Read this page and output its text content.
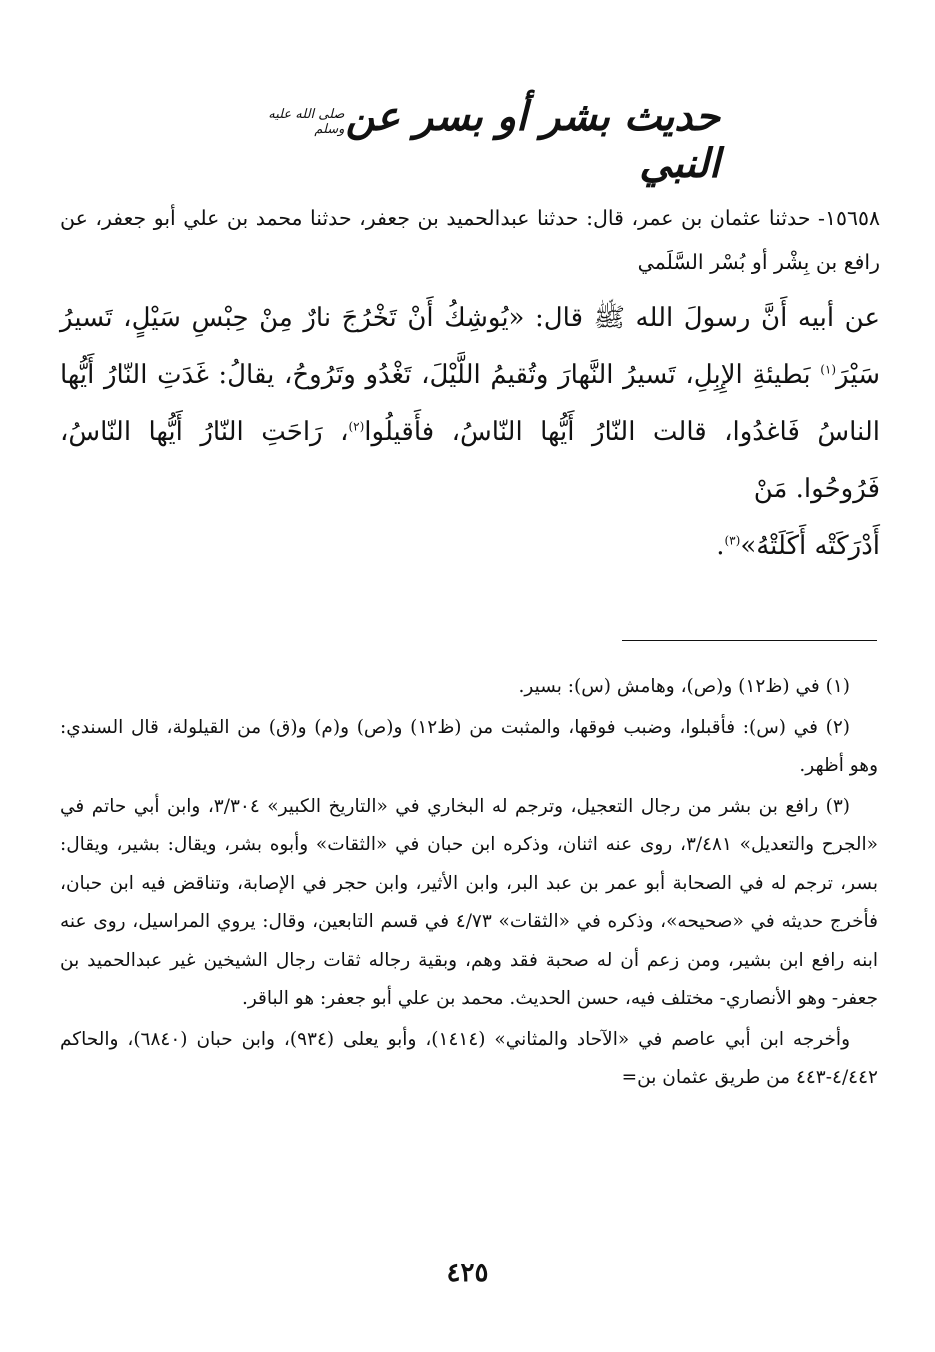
حديث بشر أو بسر عن النبي
صلى الله عليه وسلم
١٥٦٥٨- حدثنا عثمان بن عمر، قال: حدثنا عبدالحميد بن جعفر، حدثنا محمد بن علي أبو جعفر، عن رافع بن بِشْر أو بُسْر السَّلَمي
عن أبيه أَنَّ رسولَ الله ﷺ قال: «يُوشِكُ أَنْ تَخْرُجَ نارٌ مِنْ حِبْسِ سَيْلٍ، تَسيرُ سَيْرَ$^{(١)}$ بَطيئةِ الإِبِلِ، تَسيرُ النَّهارَ وتُقيمُ اللَّيْلَ، تَغْدُو وتَرُوحُ، يقالُ: غَدَتِ النّارُ أَيُّها الناسُ فَاغدُوا، قالت النّارُ أَيُّها النّاسُ، فأَقيلُوا$^{(٢)}$، رَاحَتِ النّارُ أَيُّها النّاسُ، فَرُوحُوا. مَنْ
أَدْرَكَتْه أَكَلَتْهُ»$^{(٣)}$.

(١) في (ظ١٢) و(ص)، وهامش (س): بسير.

(٢) في (س): فأقبلوا، وضبب فوقها، والمثبت من (ظ١٢) و(ص) و(م) و(ق) من القيلولة، قال السندي: وهو أظهر.

(٣) رافع بن بشر من رجال التعجيل، وترجم له البخاري في «التاريخ الكبير» ٣/٣٠٤، وابن أبي حاتم في «الجرح والتعديل» ٣/٤٨١، روى عنه اثنان، وذكره ابن حبان في «الثقات» وأبوه بشر، ويقال: بشير، ويقال: بسر، ترجم له في الصحابة أبو عمر بن عبد البر، وابن الأثير، وابن حجر في الإصابة، وتناقض فيه ابن حبان، فأخرج حديثه في «صحيحه»، وذكره في «الثقات» ٤/٧٣ في قسم التابعين، وقال: يروي المراسيل، روى عنه ابنه رافع ابن بشير، ومن زعم أن له صحبة فقد وهم، وبقية رجاله ثقات رجال الشيخين غير عبدالحميد بن جعفر- وهو الأنصاري- مختلف فيه، حسن الحديث. محمد بن علي أبو جعفر: هو الباقر.

وأخرجه ابن أبي عاصم في «الآحاد والمثاني» (١٤١٤)، وأبو يعلى (٩٣٤)، وابن حبان (٦٨٤٠)، والحاكم ٤/٤٤٢-٤٤٣ من طريق عثمان بن=

٤٢٥
